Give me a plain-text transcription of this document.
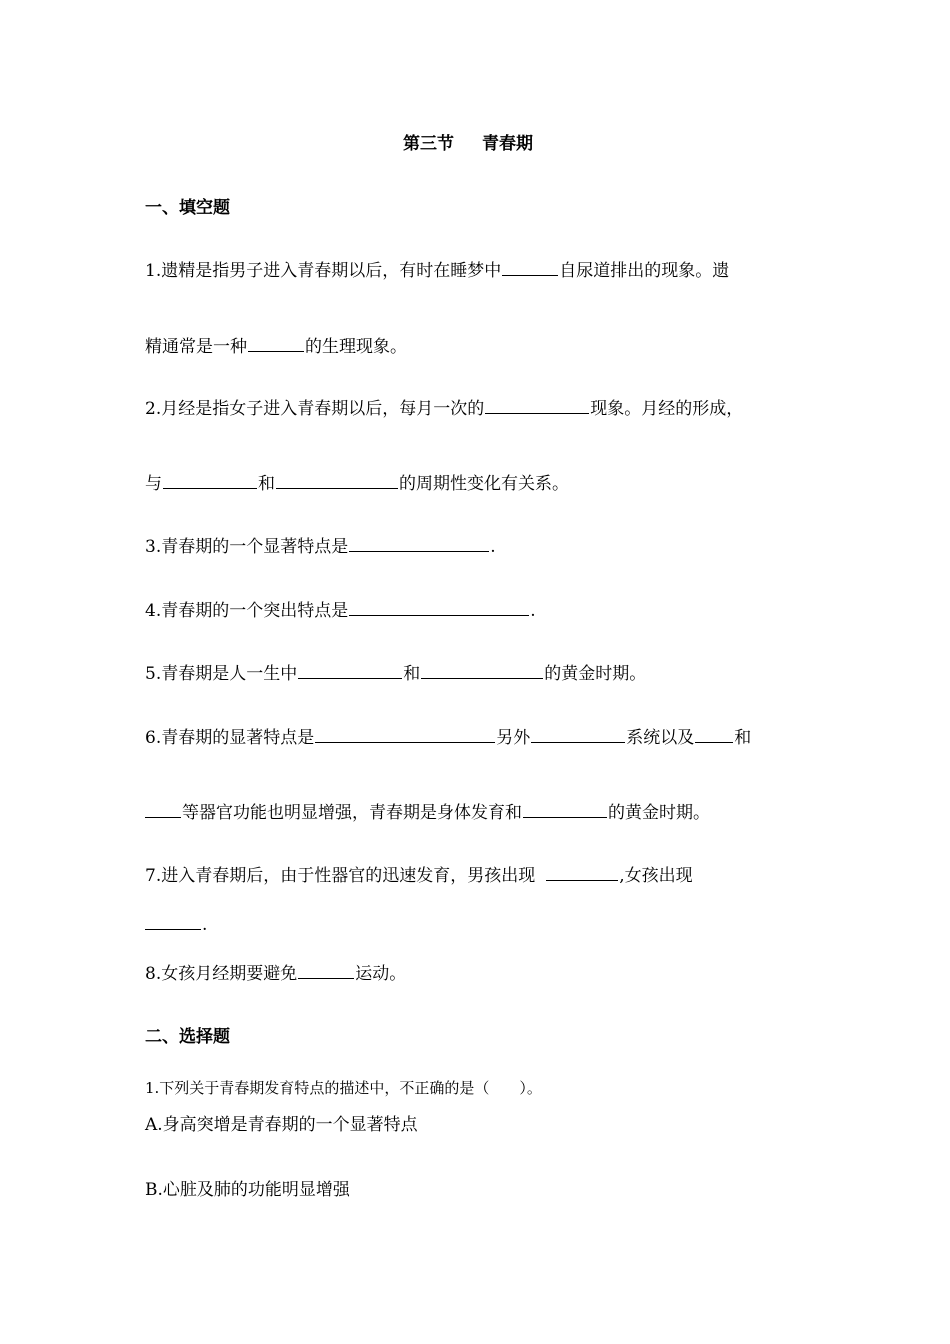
第三节 青春期
一、填空题
1.遗精是指男子进入青春期以后，有时在睡梦中	自尿道排出的现象。遗
精通常是一种	的生理现象。
2.月经是指女子进入青春期以后，每月一次的	现象。月经的形成，
与	和	的周期性变化有关系。
3.青春期的一个显著特点是	.
4.青春期的一个突出特点是	.
5.青春期是人一生中	和	的黄金时期。
6.青春期的显著特点是	另外	系统以及 和
等器官功能也明显增强，青春期是身体发育和	的黄金时期。
7.进入青春期后，由于性器官的迅速发育，男孩出现	,女孩出现
.
8.女孩月经期要避免	运动。
二、选择题
1.下列关于青春期发育特点的描述中，不正确的是（　　）。
A.身高突增是青春期的一个显著特点
B.心脏及肺的功能明显增强
